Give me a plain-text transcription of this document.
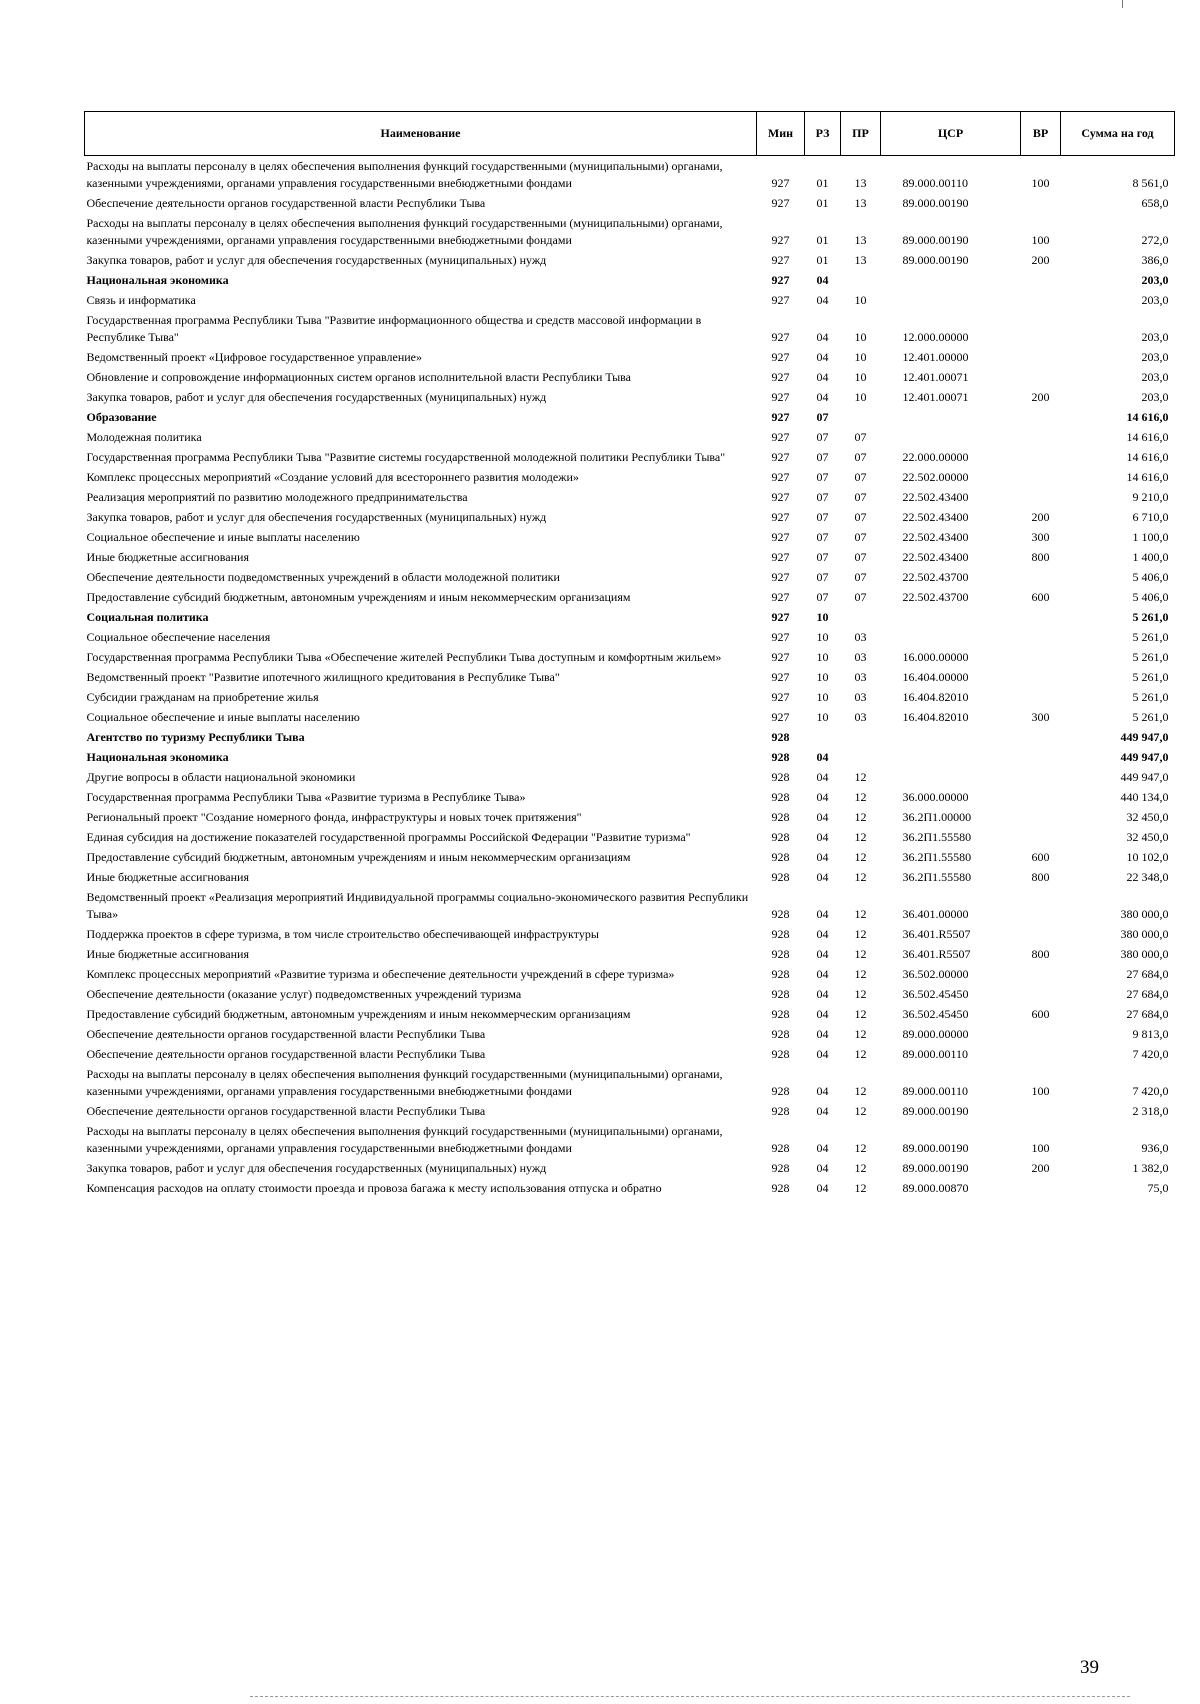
Наименование	Мин	РЗ	ПР	ЦСР	ВР	Сумма на год
Расходы на выплаты персоналу в целях обеспечения выполнения функций государственными (муниципальными) органами, казенными учреждениями, органами управления государственными внебюджетными фондами	927	01	13	89.000.00110	100	8 561,0
Обеспечение деятельности органов государственной власти Республики Тыва	927	01	13	89.000.00190		658,0
Расходы на выплаты персоналу в целях обеспечения выполнения функций государственными (муниципальными) органами, казенными учреждениями, органами управления государственными внебюджетными фондами	927	01	13	89.000.00190	100	272,0
Закупка товаров, работ и услуг для обеспечения государственных (муниципальных) нужд	927	01	13	89.000.00190	200	386,0
Национальная экономика	927	04				203,0
Связь и информатика	927	04	10			203,0
Государственная программа Республики Тыва "Развитие информационного общества и средств массовой информации в Республике Тыва"	927	04	10	12.000.00000		203,0
Ведомственный проект «Цифровое государственное управление»	927	04	10	12.401.00000		203,0
Обновление и сопровождение информационных систем органов исполнительной власти Республики Тыва	927	04	10	12.401.00071		203,0
Закупка товаров, работ и услуг для обеспечения государственных (муниципальных) нужд	927	04	10	12.401.00071	200	203,0
Образование	927	07				14 616,0
Молодежная политика	927	07	07			14 616,0
Государственная программа Республики Тыва "Развитие системы государственной молодежной политики Республики Тыва"	927	07	07	22.000.00000		14 616,0
Комплекс процессных мероприятий «Создание условий для всестороннего развития молодежи»	927	07	07	22.502.00000		14 616,0
Реализация мероприятий по развитию молодежного предпринимательства	927	07	07	22.502.43400		9 210,0
Закупка товаров, работ и услуг для обеспечения государственных (муниципальных) нужд	927	07	07	22.502.43400	200	6 710,0
Социальное обеспечение и иные выплаты населению	927	07	07	22.502.43400	300	1 100,0
Иные бюджетные ассигнования	927	07	07	22.502.43400	800	1 400,0
Обеспечение деятельности подведомственных учреждений в области молодежной политики	927	07	07	22.502.43700		5 406,0
Предоставление субсидий бюджетным, автономным учреждениям и иным некоммерческим организациям	927	07	07	22.502.43700	600	5 406,0
Социальная политика	927	10				5 261,0
Социальное обеспечение населения	927	10	03			5 261,0
Государственная программа Республики Тыва «Обеспечение жителей Республики Тыва доступным и комфортным жильем»	927	10	03	16.000.00000		5 261,0
Ведомственный проект "Развитие ипотечного жилищного кредитования в Республике Тыва"	927	10	03	16.404.00000		5 261,0
Субсидии гражданам на приобретение жилья	927	10	03	16.404.82010		5 261,0
Социальное обеспечение и иные выплаты населению	927	10	03	16.404.82010	300	5 261,0
Агентство по туризму Республики Тыва	928					449 947,0
Национальная экономика	928	04				449 947,0
Другие вопросы в области национальной экономики	928	04	12			449 947,0
Государственная программа Республики Тыва «Развитие туризма в Республике Тыва»	928	04	12	36.000.00000		440 134,0
Региональный проект "Создание номерного фонда, инфраструктуры и новых точек притяжения"	928	04	12	36.2П1.00000		32 450,0
Единая субсидия на достижение показателей государственной программы Российской Федерации "Развитие туризма"	928	04	12	36.2П1.55580		32 450,0
Предоставление субсидий бюджетным, автономным учреждениям и иным некоммерческим организациям	928	04	12	36.2П1.55580	600	10 102,0
Иные бюджетные ассигнования	928	04	12	36.2П1.55580	800	22 348,0
Ведомственный проект «Реализация мероприятий Индивидуальной программы социально-экономического развития Республики Тыва»	928	04	12	36.401.00000		380 000,0
Поддержка проектов в сфере туризма, в том числе строительство обеспечивающей инфраструктуры	928	04	12	36.401.R5507		380 000,0
Иные бюджетные ассигнования	928	04	12	36.401.R5507	800	380 000,0
Комплекс процессных мероприятий «Развитие туризма и обеспечение деятельности учреждений в сфере туризма»	928	04	12	36.502.00000		27 684,0
Обеспечение деятельности (оказание услуг) подведомственных учреждений туризма	928	04	12	36.502.45450		27 684,0
Предоставление субсидий бюджетным, автономным учреждениям и иным некоммерческим организациям	928	04	12	36.502.45450	600	27 684,0
Обеспечение деятельности органов государственной власти Республики Тыва	928	04	12	89.000.00000		9 813,0
Обеспечение деятельности органов государственной власти Республики Тыва	928	04	12	89.000.00110		7 420,0
Расходы на выплаты персоналу в целях обеспечения выполнения функций государственными (муниципальными) органами, казенными учреждениями, органами управления государственными внебюджетными фондами	928	04	12	89.000.00110	100	7 420,0
Обеспечение деятельности органов государственной власти Республики Тыва	928	04	12	89.000.00190		2 318,0
Расходы на выплаты персоналу в целях обеспечения выполнения функций государственными (муниципальными) органами, казенными учреждениями, органами управления государственными внебюджетными фондами	928	04	12	89.000.00190	100	936,0
Закупка товаров, работ и услуг для обеспечения государственных (муниципальных) нужд	928	04	12	89.000.00190	200	1 382,0
Компенсация расходов на оплату стоимости проезда и провоза багажа к месту использования отпуска и обратно	928	04	12	89.000.00870		75,0
39
